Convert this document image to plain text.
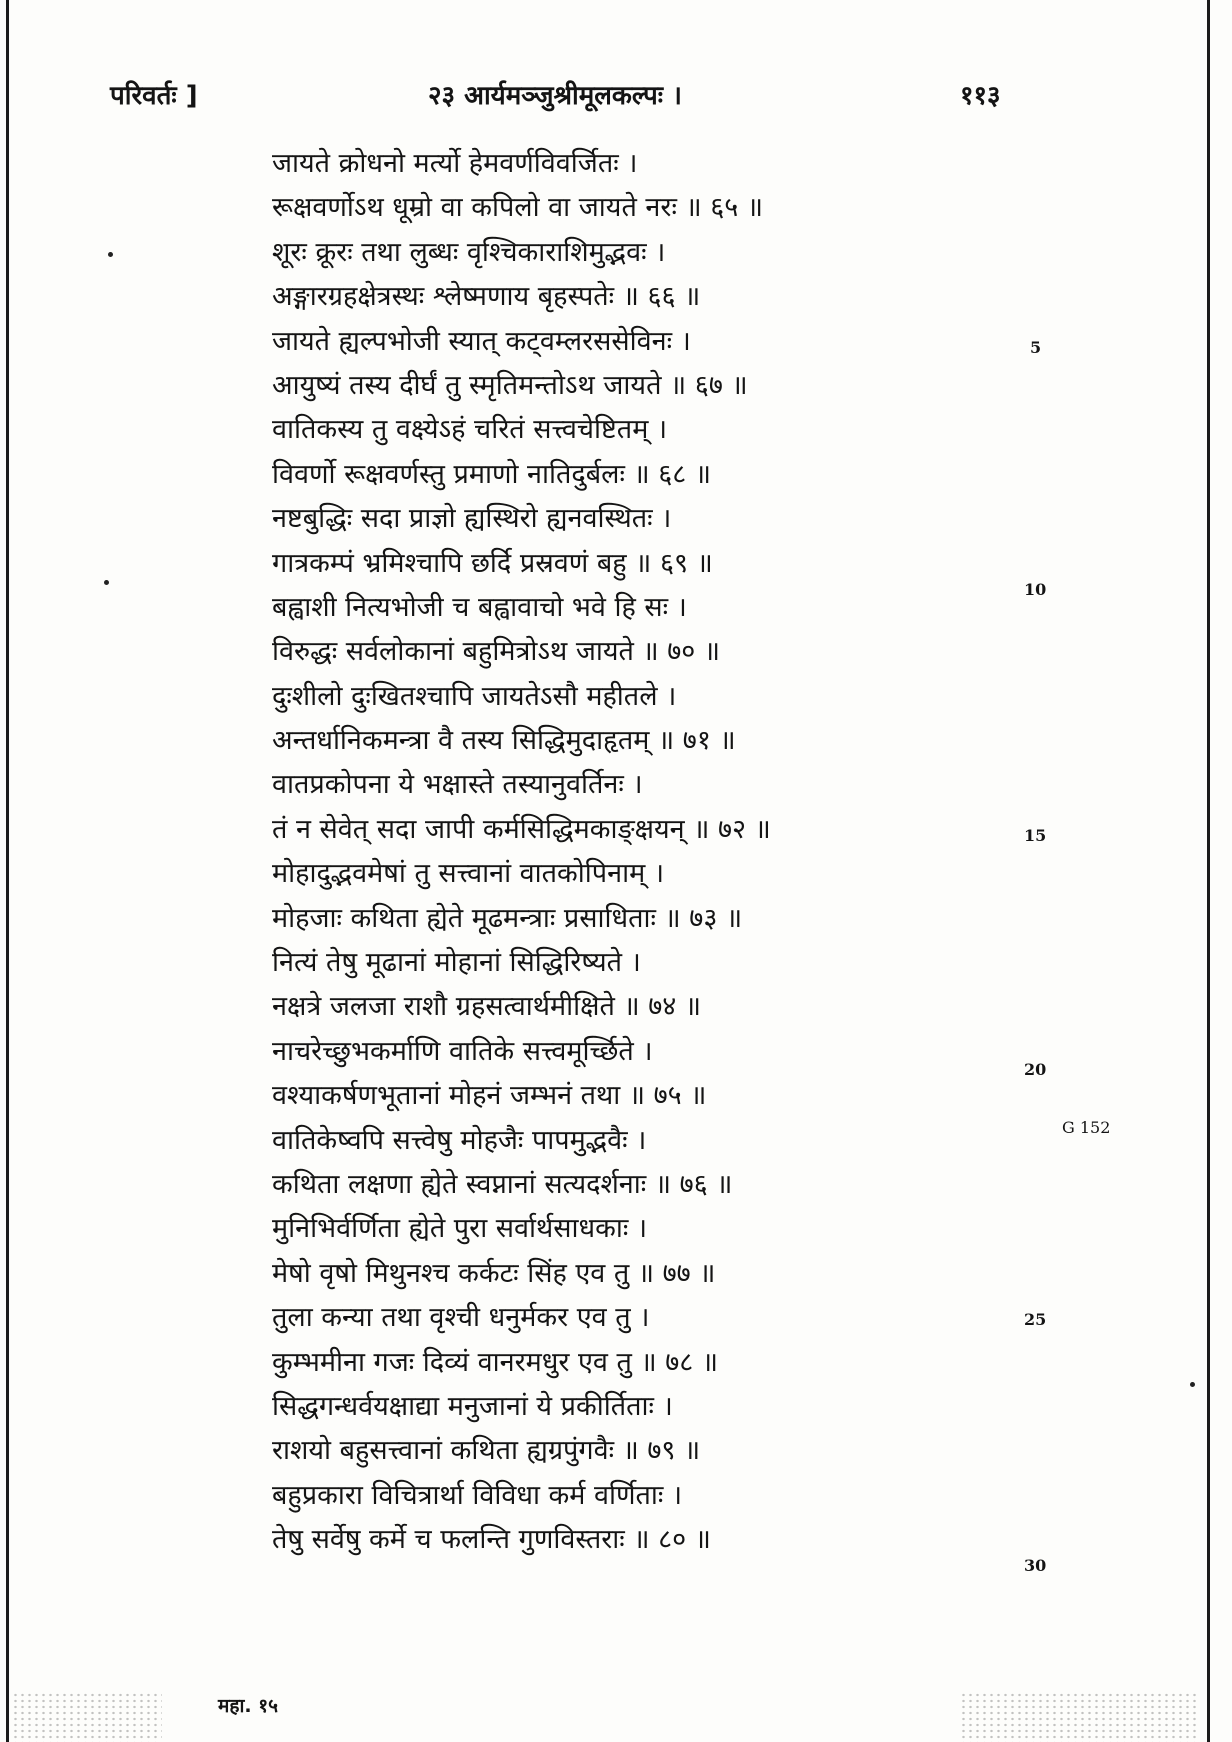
परिवर्तः ]	२३ आर्यमञ्जुश्रीमूलकल्पः ।	११३
जायते क्रोधनो मर्त्यो हेमवर्णविवर्जितः ।
रूक्षवर्णोऽथ धूम्रो वा कपिलो वा जायते नरः ॥ ६५ ॥
शूरः क्रूरः तथा लुब्धः वृश्चिकाराशिमुद्भवः ।
अङ्गारग्रहक्षेत्रस्थः श्लेष्मणाय बृहस्पतेः ॥ ६६ ॥
जायते ह्यल्पभोजी स्यात् कट्वम्लरससेविनः ।
आयुष्यं तस्य दीर्घं तु स्मृतिमन्तोऽथ जायते ॥ ६७ ॥
वातिकस्य तु वक्ष्येऽहं चरितं सत्त्वचेष्टितम् ।
विवर्णो रूक्षवर्णस्तु प्रमाणो नातिदुर्बलः ॥ ६८ ॥
नष्टबुद्धिः सदा प्राज्ञो ह्यस्थिरो ह्यनवस्थितः ।
गात्रकम्पं भ्रमिश्चापि छर्दि प्रस्रवणं बहु ॥ ६९ ॥
बह्वाशी नित्यभोजी च बह्वावाचो भवे हि सः ।
विरुद्धः सर्वलोकानां बहुमित्रोऽथ जायते ॥ ७० ॥
दुःशीलो दुःखितश्चापि जायतेऽसौ महीतले ।
अन्तर्धानिकमन्त्रा वै तस्य सिद्धिमुदाहृतम् ॥ ७१ ॥
वातप्रकोपना ये भक्षास्ते तस्यानुवर्तिनः ।
तं न सेवेत् सदा जापी कर्मसिद्धिमकाङ्क्षयन् ॥ ७२ ॥
मोहादुद्भवमेषां तु सत्त्वानां वातकोपिनाम् ।
मोहजाः कथिता ह्येते मूढमन्त्राः प्रसाधिताः ॥ ७३ ॥
नित्यं तेषु मूढानां मोहानां सिद्धिरिष्यते ।
नक्षत्रे जलजा राशौ ग्रहसत्वार्थमीक्षिते ॥ ७४ ॥
नाचरेच्छुभकर्माणि वातिके सत्त्वमूर्च्छिते ।
वश्याकर्षणभूतानां मोहनं जम्भनं तथा ॥ ७५ ॥
वातिकेष्वपि सत्त्वेषु मोहजैः पापमुद्भवैः ।
कथिता लक्षणा ह्येते स्वप्नानां सत्यदर्शनाः ॥ ७६ ॥
मुनिभिर्वर्णिता ह्येते पुरा सर्वार्थसाधकाः ।
मेषो वृषो मिथुनश्च कर्कटः सिंह एव तु ॥ ७७ ॥
तुला कन्या तथा वृश्ची धनुर्मकर एव तु ।
कुम्भमीना गजः दिव्यं वानरमधुर एव तु ॥ ७८ ॥
सिद्धगन्धर्वयक्षाद्या मनुजानां ये प्रकीर्तिताः ।
राशयो बहुसत्त्वानां कथिता ह्यग्रपुंगवैः ॥ ७९ ॥
बहुप्रकारा विचित्रार्था विविधा कर्म वर्णिताः ।
तेषु सर्वेषु कर्मे च फलन्ति गुणविस्तराः ॥ ८० ॥
5
10
15
20
G 152
25
30
महा. १५
